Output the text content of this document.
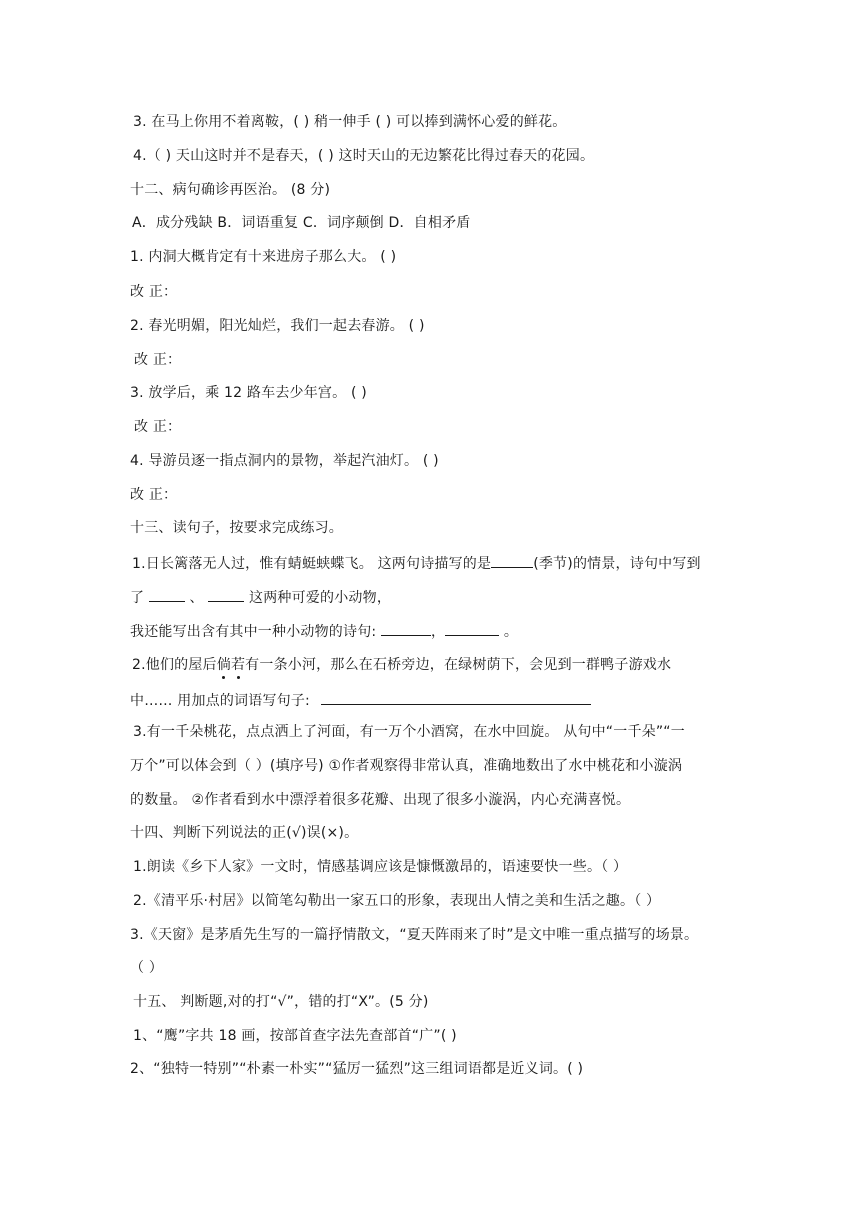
3. 在马上你用不着离鞍，( ) 稍一伸手 ( ) 可以捧到满怀心爱的鲜花。
4.（ ) 天山这时并不是春天，( ) 这时天山的无边繁花比得过春天的花园。
十二、病句确诊再医治。 (8 分)
A．成分残缺 B．词语重复 C．词序颠倒 D．自相矛盾
1. 内洞大概肯定有十来进房子那么大。 ( )
改 正：
2. 春光明媚，阳光灿烂，我们一起去春游。 ( )
改 正：
3. 放学后，乘 12 路车去少年宫。 ( )
改 正：
4. 导游员逐一指点洞内的景物，举起汽油灯。 ( )
改 正：
十三、读句子，按要求完成练习。
1.日长篱落无人过，惟有蜻蜓蛱蝶飞。 这两句诗描写的是	(季节)的情景，诗句中写到
了	、	这两种可爱的小动物，
我还能写出含有其中一种小动物的诗句:	，	。
2.他们的屋后倘若有一条小河，那么在石桥旁边，在绿树荫下，会见到一群鸭子游戏水
中…… 用加点的词语写句子:
3.有一千朵桃花，点点洒上了河面，有一万个小酒窝，在水中回旋。 从句中“一千朵”“一
万个”可以体会到（ ）(填序号) ①作者观察得非常认真，准确地数出了水中桃花和小漩涡
的数量。 ②作者看到水中漂浮着很多花瓣、出现了很多小漩涡，内心充满喜悦。
十四、判断下列说法的正(√)误(×)。
1.朗读《乡下人家》一文时，情感基调应该是慷慨激昂的，语速要快一些。（ ）
2.《清平乐·村居》以简笔勾勒出一家五口的形象，表现出人情之美和生活之趣。（ ）
3.《天窗》是茅盾先生写的一篇抒情散文，“夏天阵雨来了时”是文中唯一重点描写的场景。
（ ）
十五、 判断题,对的打“√”，错的打“X”。(5 分)
1、“鹰”字共 18 画，按部首查字法先查部首“广”( )
2、“独特一特别”“朴素一朴实”“猛厉一猛烈”这三组词语都是近义词。( )
